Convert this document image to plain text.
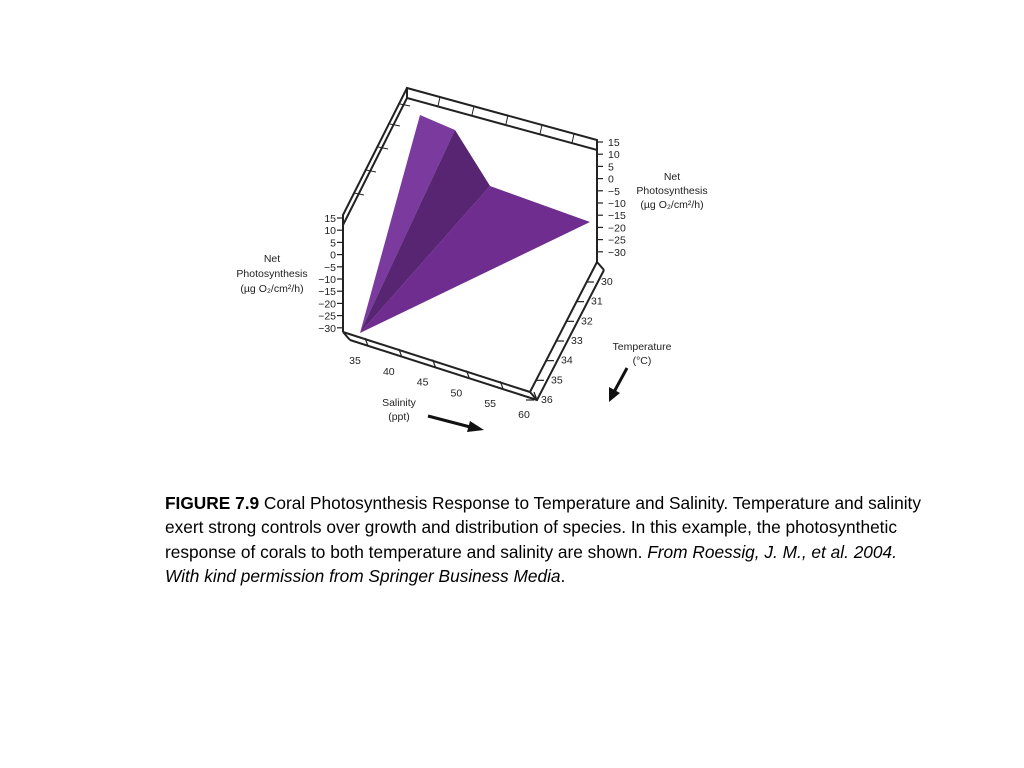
15
10
5
0
−5
−10
−15
−20
−25
−30
Net
Photosynthesis
(µg O₂/cm²/h)
15
10
5
0
−5
−10
−15
−20
−25
−30
Net
Photosynthesis
(µg O₂/cm²/h)
35
40
45
50
55
60
Salinity
(ppt)
30
31
32
33
34
35
36
Temperature
(°C)
FIGURE 7.9 Coral Photosynthesis Response to Temperature and Salinity. Temperature and salinity exert strong controls over growth and distribution of species. In this example, the photosynthetic response of corals to both temperature and salinity are shown. From Roessig, J. M., et al. 2004. With kind permission from Springer Business Media.
